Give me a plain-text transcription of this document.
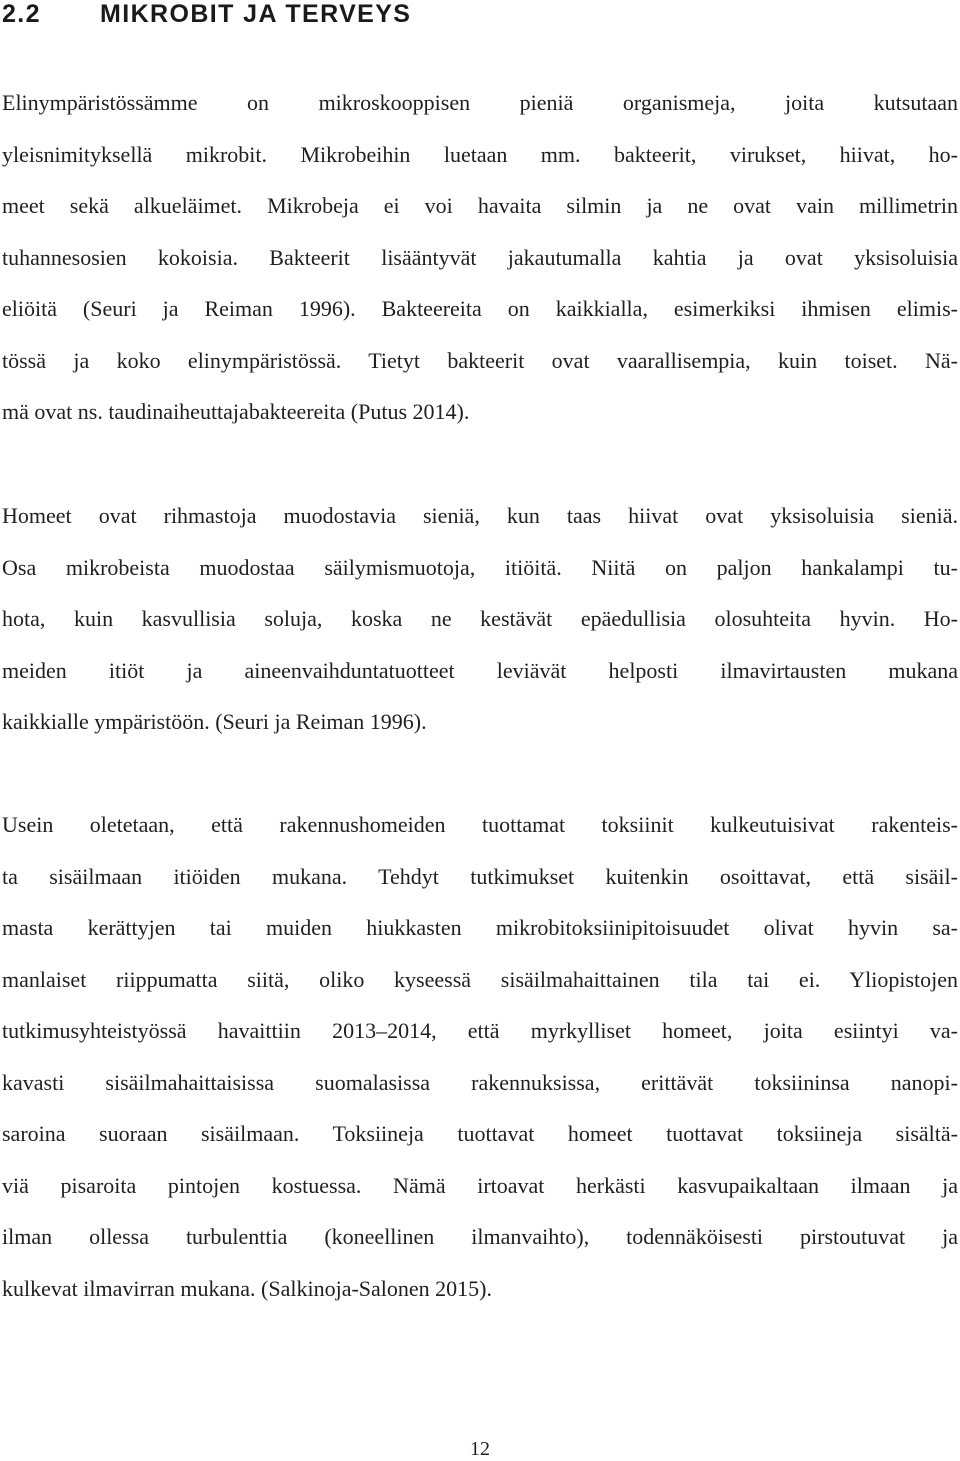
2.2 MIKROBIT JA TERVEYS
Elinympäristössämme on mikroskooppisen pieniä organismeja, joita kutsutaan
yleisnimityksellä mikrobit. Mikrobeihin luetaan mm. bakteerit, virukset, hiivat, ho-
meet sekä alkueläimet. Mikrobeja ei voi havaita silmin ja ne ovat vain millimetrin
tuhannesosien kokoisia. Bakteerit lisääntyvät jakautumalla kahtia ja ovat yksisoluisia
eliöitä (Seuri ja Reiman 1996). Bakteereita on kaikkialla, esimerkiksi ihmisen elimis-
tössä ja koko elinympäristössä. Tietyt bakteerit ovat vaarallisempia, kuin toiset. Nä-
mä ovat ns. taudinaiheuttajabakteereita (Putus 2014).
Homeet ovat rihmastoja muodostavia sieniä, kun taas hiivat ovat yksisoluisia sieniä.
Osa mikrobeista muodostaa säilymismuotoja, itiöitä. Niitä on paljon hankalampi tu-
hota, kuin kasvullisia soluja, koska ne kestävät epäedullisia olosuhteita hyvin. Ho-
meiden itiöt ja aineenvaihduntatuotteet leviävät helposti ilmavirtausten mukana
kaikkialle ympäristöön. (Seuri ja Reiman 1996).
Usein oletetaan, että rakennushomeiden tuottamat toksiinit kulkeutuisivat rakenteis-
ta sisäilmaan itiöiden mukana. Tehdyt tutkimukset kuitenkin osoittavat, että sisäil-
masta kerättyjen tai muiden hiukkasten mikrobitoksiinipitoisuudet olivat hyvin sa-
manlaiset riippumatta siitä, oliko kyseessä sisäilmahaittainen tila tai ei. Yliopistojen
tutkimusyhteistyössä havaittiin 2013–2014, että myrkylliset homeet, joita esiintyi va-
kavasti sisäilmahaittaisissa suomalasissa rakennuksissa, erittävät toksiininsa nanopi-
saroina suoraan sisäilmaan. Toksiineja tuottavat homeet tuottavat toksiineja sisältä-
viä pisaroita pintojen kostuessa. Nämä irtoavat herkästi kasvupaikaltaan ilmaan ja
ilman ollessa turbulenttia (koneellinen ilmanvaihto), todennäköisesti pirstoutuvat ja
kulkevat ilmavirran mukana. (Salkinoja-Salonen 2015).
12
